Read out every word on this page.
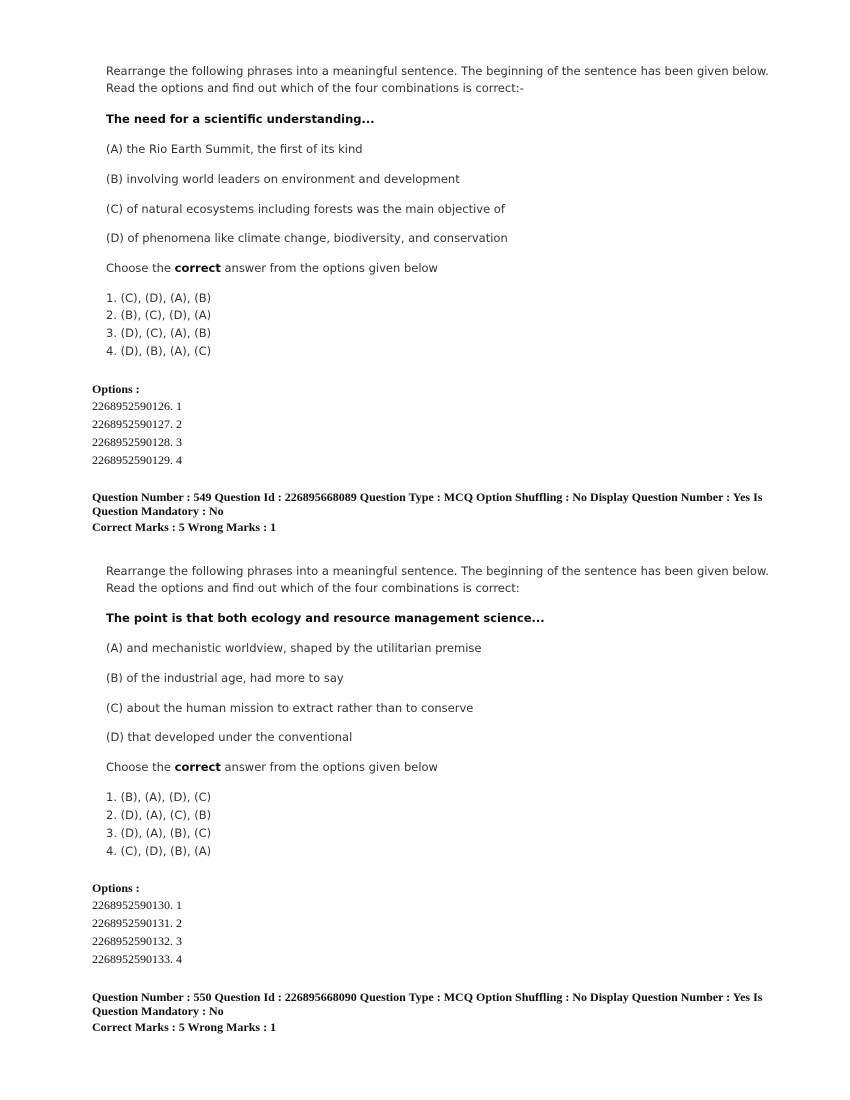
Rearrange the following phrases into a meaningful sentence. The beginning of the sentence has been given below.
Read the options and find out which of the four combinations is correct:-
The need for a scientific understanding...
(A) the Rio Earth Summit, the first of its kind
(B) involving world leaders on environment and development
(C) of natural ecosystems including forests was the main objective of
(D) of phenomena like climate change, biodiversity, and conservation
Choose the correct answer from the options given below
1. (C), (D), (A), (B)
2. (B), (C), (D), (A)
3. (D), (C), (A), (B)
4. (D), (B), (A), (C)
Options :
2268952590126. 1
2268952590127. 2
2268952590128. 3
2268952590129. 4
Question Number : 549 Question Id : 226895668089 Question Type : MCQ Option Shuffling : No Display Question Number : Yes Is
Question Mandatory : No
Correct Marks : 5 Wrong Marks : 1
Rearrange the following phrases into a meaningful sentence. The beginning of the sentence has been given below.
Read the options and find out which of the four combinations is correct:
The point is that both ecology and resource management science...
(A) and mechanistic worldview, shaped by the utilitarian premise
(B) of the industrial age, had more to say
(C) about the human mission to extract rather than to conserve
(D) that developed under the conventional
Choose the correct answer from the options given below
1. (B), (A), (D), (C)
2. (D), (A), (C), (B)
3. (D), (A), (B), (C)
4. (C), (D), (B), (A)
Options :
2268952590130. 1
2268952590131. 2
2268952590132. 3
2268952590133. 4
Question Number : 550 Question Id : 226895668090 Question Type : MCQ Option Shuffling : No Display Question Number : Yes Is
Question Mandatory : No
Correct Marks : 5 Wrong Marks : 1
